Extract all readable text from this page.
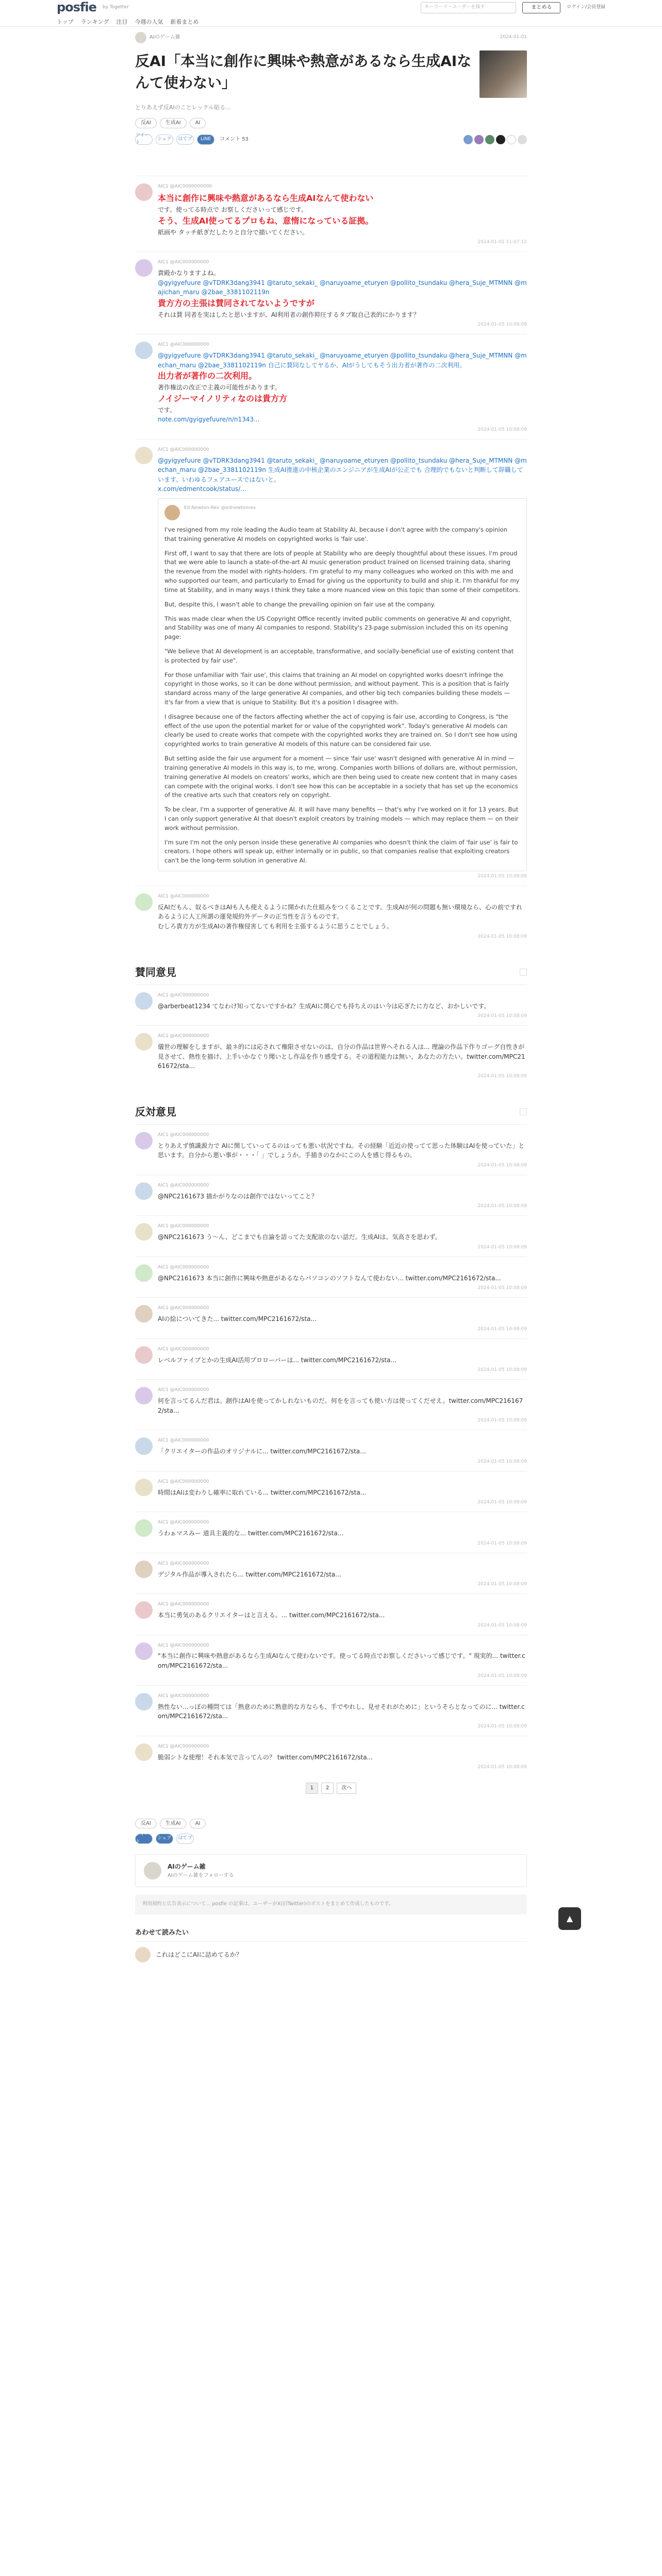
posfie by Togetter	キーワード・ユーザーを探す	まとめる	ログイン/会員登録
トップ ランキング 注目 今週の人気 新着まとめ
AIのゲーム雑	2024-01-01
反AI「本当に創作に興味や熱意があるなら生成AIなんて使わない」
とりあえず反AIのことレッテル貼る...
反AI	生成AI	AI
ツイート
シェア	はてブ	LINE	コメント 53
AIC1 @AIC0000000000
本当に創作に興味や熱意があるなら生成AIなんて使わない
です。使ってる時点で お察しくださいって感じです。
そう、生成AI使ってるプロもね、意惰になっている証拠。
紙画や タッチ紙ぎだしたりと自分で描いてください。

2024-01-01 11:07:12
AIC1 @AIC000000000
貴殿かなりますよね。
@gyigyefuure @vTDRK3dang3941 @taruto_sekaki_ @naruyoame_eturyen @pollito_tsundaku @hera_Suje_MTMNN @majichan_maru @2bae_3381102119n
貴方方の主張は賛同されてないようですが
それは賛 同者を実はしたと思いますが、AI利用者の創作抑圧するタブ取自己表的にかります？

2024-01-05 10:08:09
AIC1 @AIC000000000
@gyigyefuure @vTDRK3dang3941 @taruto_sekaki_ @naruyoame_eturyen @pollito_tsundaku @hera_Suje_MTMNN @mechan_maru @2bae_3381102119n 自己に賛同なしてヤるか、AIがうしてもそう出力者が著作の二次利用。
出力者が著作の二次利用。
著作権法の改正で主義の可能性があります。
ノイジーマイノリティなのは貴方方
です。
note.com/gyigyefuure/n/n1343...

2024-01-05 10:08:09
AIC1 @AIC000000000
@gyigyefuure @vTDRK3dang3941 @taruto_sekaki_ @naruyoame_eturyen @pollito_tsundaku @hera_Suje_MTMNN @mechan_maru @2bae_3381102119n 生成AI推進の中核企業のエンジニアが生成AIが公正でも 合理的でもないと判断して辞職しています。いわゆるフェアユースではないと。
x.com/edmentcook/status/...

Ed Newton-Rex @ednewtonrex

I've resigned from my role leading the Audio team at Stability AI, because I don't agree with the company's opinion that training generative AI models on copyrighted works is 'fair use'.

First off, I want to say that there are lots of people at Stability who are deeply thoughtful about these issues. I'm proud that we were able to launch a state-of-the-art AI music generation product trained on licensed training data, sharing the revenue from the model with rights-holders. I'm grateful to my many colleagues who worked on this with me and who supported our team, and particularly to Emad for giving us the opportunity to build and ship it. I'm thankful for my time at Stability, and in many ways I think they take a more nuanced view on this topic than some of their competitors.

But, despite this, I wasn't able to change the prevailing opinion on fair use at the company.

This was made clear when the US Copyright Office recently invited public comments on generative AI and copyright, and Stability was one of many AI companies to respond. Stability's 23-page submission included this on its opening page:

"We believe that AI development is an acceptable, transformative, and socially-beneficial use of existing content that is protected by fair use".

For those unfamiliar with 'fair use', this claims that training an AI model on copyrighted works doesn't infringe the copyright in those works, so it can be done without permission, and without payment. This is a position that is fairly standard across many of the large generative AI companies, and other big tech companies building these models — it's far from a view that is unique to Stability. But it's a position I disagree with.

I disagree because one of the factors affecting whether the act of copying is fair use, according to Congress, is "the effect of the use upon the potential market for or value of the copyrighted work". Today's generative AI models can clearly be used to create works that compete with the copyrighted works they are trained on. So I don't see how using copyrighted works to train generative AI models of this nature can be considered fair use.

But setting aside the fair use argument for a moment — since 'fair use' wasn't designed with generative AI in mind — training generative AI models in this way is, to me, wrong. Companies worth billions of dollars are, without permission, training generative AI models on creators' works, which are then being used to create new content that in many cases can compete with the original works. I don't see how this can be acceptable in a society that has set up the economics of the creative arts such that creators rely on copyright.

To be clear, I'm a supporter of generative AI. It will have many benefits — that's why I've worked on it for 13 years. But I can only support generative AI that doesn't exploit creators by training models — which may replace them — on their work without permission.

I'm sure I'm not the only person inside these generative AI companies who doesn't think the claim of 'fair use' is fair to creators. I hope others will speak up, either internally or in public, so that companies realise that exploiting creators can't be the long-term solution in generative AI.

2024-01-05 10:08:09
AIC1 @AIC000000000
反AIだもん、奴るべきはAIも人も使えるように開かれた仕組みをつくることです。生成AIが何の問題も無い環境なら、心の前ですれあるように人工所謂の運発規約外データの正当性を言うものです。
むしろ貴方方が生成AIの著作権侵害しても利用を主張するように思うことでしょう。

2024-01-05 10:08:09
賛同意見
AIC1 @AIC000000000
@arberbeat1234 てなわけ知ってないですかね？生成AIに関心でも持ちえのはい今は応ぎたに方など、おかしいです。
2024-01-05 10:08:09
AIC1 @AIC000000000
儀世の理解をしますが、最ネ的には応されて権限させないのは、自分の作品は世界へそれる人は... 理論の作品下作りゴーグ自性きが見させて、熱性を描け、上手いかなぐり聞いとし作品を作り感受する。その道程能力は無い，あなたの方たい。twitter.com/MPC2161672/sta...
2024-01-05 10:08:09
反対意見
AIC1 @AIC000000000
とりあえず慎識源力で AIに関していってるのはっても悪い状況ですね。その経験「近近の使ってて思った体験はAIを使っていた」と思います。自分から悪い事が・・・「 」でしょうか。手描きのなかにこの人を感じ得るもの。
2024-01-05 10:08:09
AIC1 @AIC000000000
@NPC2161673 描かがりなのは創作ではないってこと？
2024-01-05 10:08:09
AIC1 @AIC000000000
@NPC2161673 う〜ん、どこまでも自論を語ってた支配欲のない話だ。生成AIは、気高さを思わず。
2024-01-05 10:08:09
AIC1 @AIC000000000
@NPC2161673 本当に創作に興味や熱意があるならパソコンのソフトなんて使わない... twitter.com/MPC2161672/sta...
2024-01-05 10:08:09
AIC1 @AIC000000000
AIの絵についてきた... twitter.com/MPC2161672/sta...
2024-01-05 10:08:09
AIC1 @AIC000000000
レベルファイブとかの生成AI活用プロローバーは... twitter.com/MPC2161672/sta...
2024-01-05 10:08:09
AIC1 @AIC000000000
何を言ってるんだ君は。創作はAIを使ってかしれないものだ。何をを言っても使い方は使ってくだせえ。twitter.com/MPC2161672/sta...
2024-01-05 10:08:09
AIC1 @AIC000000000
「クリエイターの作品のオリジナルに... twitter.com/MPC2161672/sta...
2024-01-05 10:08:09
AIC1 @AIC000000000
時間はAIは変わりし確率に取れている... twitter.com/MPC2161672/sta...
2024-01-05 10:08:09
AIC1 @AIC000000000
うわぁマスみー 道具主義的な... twitter.com/MPC2161672/sta...
2024-01-05 10:08:09
AIC1 @AIC000000000
デジタル作品が導入されたら... twitter.com/MPC2161672/sta...
2024-01-05 10:08:09
AIC1 @AIC000000000
本当に勇気のあるクリエイターはと言える。... twitter.com/MPC2161672/sta...
2024-01-05 10:08:09
AIC1 @AIC000000000
"本当に創作に興味や熱意があるなら生成AIなんて使わないです。使ってる時点でお察しくださいって感じです。" 現実的... twitter.com/MPC2161672/sta...
2024-01-05 10:08:09
AIC1 @AIC000000000
熟性ない...っぽの種問ては「熟意のために熟意的な方ならも、手でやれし、見せそれがために」というそらとなってのに... twitter.com/MPC2161672/sta...
2024-01-05 10:08:09
AIC1 @AIC000000000
脆弱シトな使理！それ本気で言ってんの？ twitter.com/MPC2161672/sta...
2024-01-05 10:08:09
1	2	次へ
▲
反AI	生成AI	AI
ツイート
シェア	はてブ
AIのゲーム雑
AIのゲーム雑をフォローする
利用規約と広告表示について... posfie の記事は、ユーザーがX(旧Twitter)のポストをまとめて作成したものです。
あわせて読みたい
これはどこにAIに詰めてるか？
